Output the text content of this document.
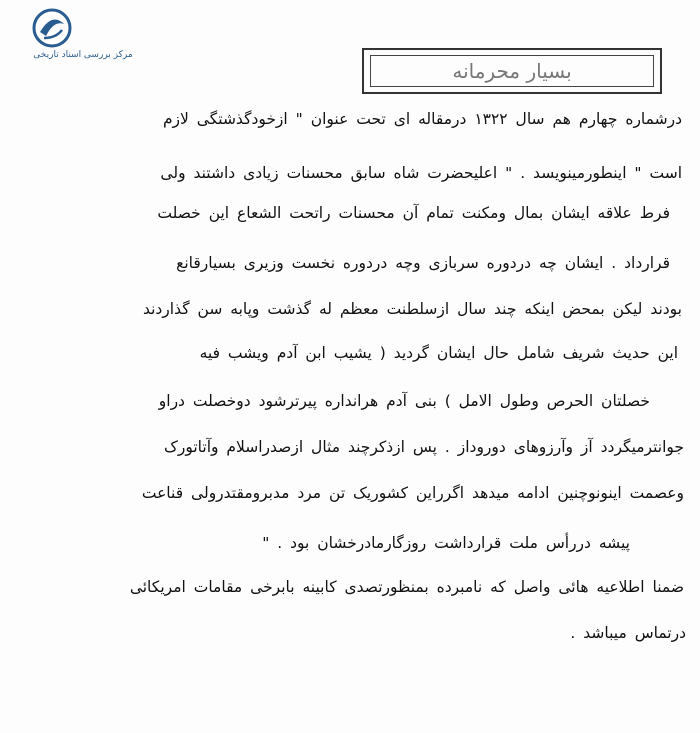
مرکز بررسی اسناد تاریخی
بسیار محرمانه
درشماره چهارم هم سال ۱۳۲۲ درمقاله ای تحت عنوان " ازخودگذشتگی لازم
است " اینطورمینویسد . " اعلیحضرت شاه سابق محسنات زیادی داشتند ولی
فرط علاقه ایشان بمال ومکنت تمام آن محسنات راتحت الشعاع این خصلت
قرارداد . ایشان چه دردوره سربازی وچه دردوره نخست وزیری بسیارقانع
بودند لیکن بمحض اینکه چند سال ازسلطنت معظم له گذشت وپابه سن گذاردند
این حدیث شریف شامل حال ایشان گردید ( یشیب ابن آدم ویشب فیه
خصلتان الحرص وطول الامل ) بنی آدم هرانداره پیرترشود دوخصلت دراو
جوانترمیگردد آز وآرزوهای دوروداز . پس ازذکرچند مثال ازصدراسلام وآتاتورک
وعصمت اینونوچنین ادامه میدهد اگرراین کشوریک تن مرد مدبرومقتدرولی قناعت
پیشه دررأس ملت قرارداشت روزگارمادرخشان بود . "
ضمنا اطلاعیه هائی واصل که نامبرده بمنظورتصدی کابینه بابرخی مقامات امریکائی
درتماس میباشد .
